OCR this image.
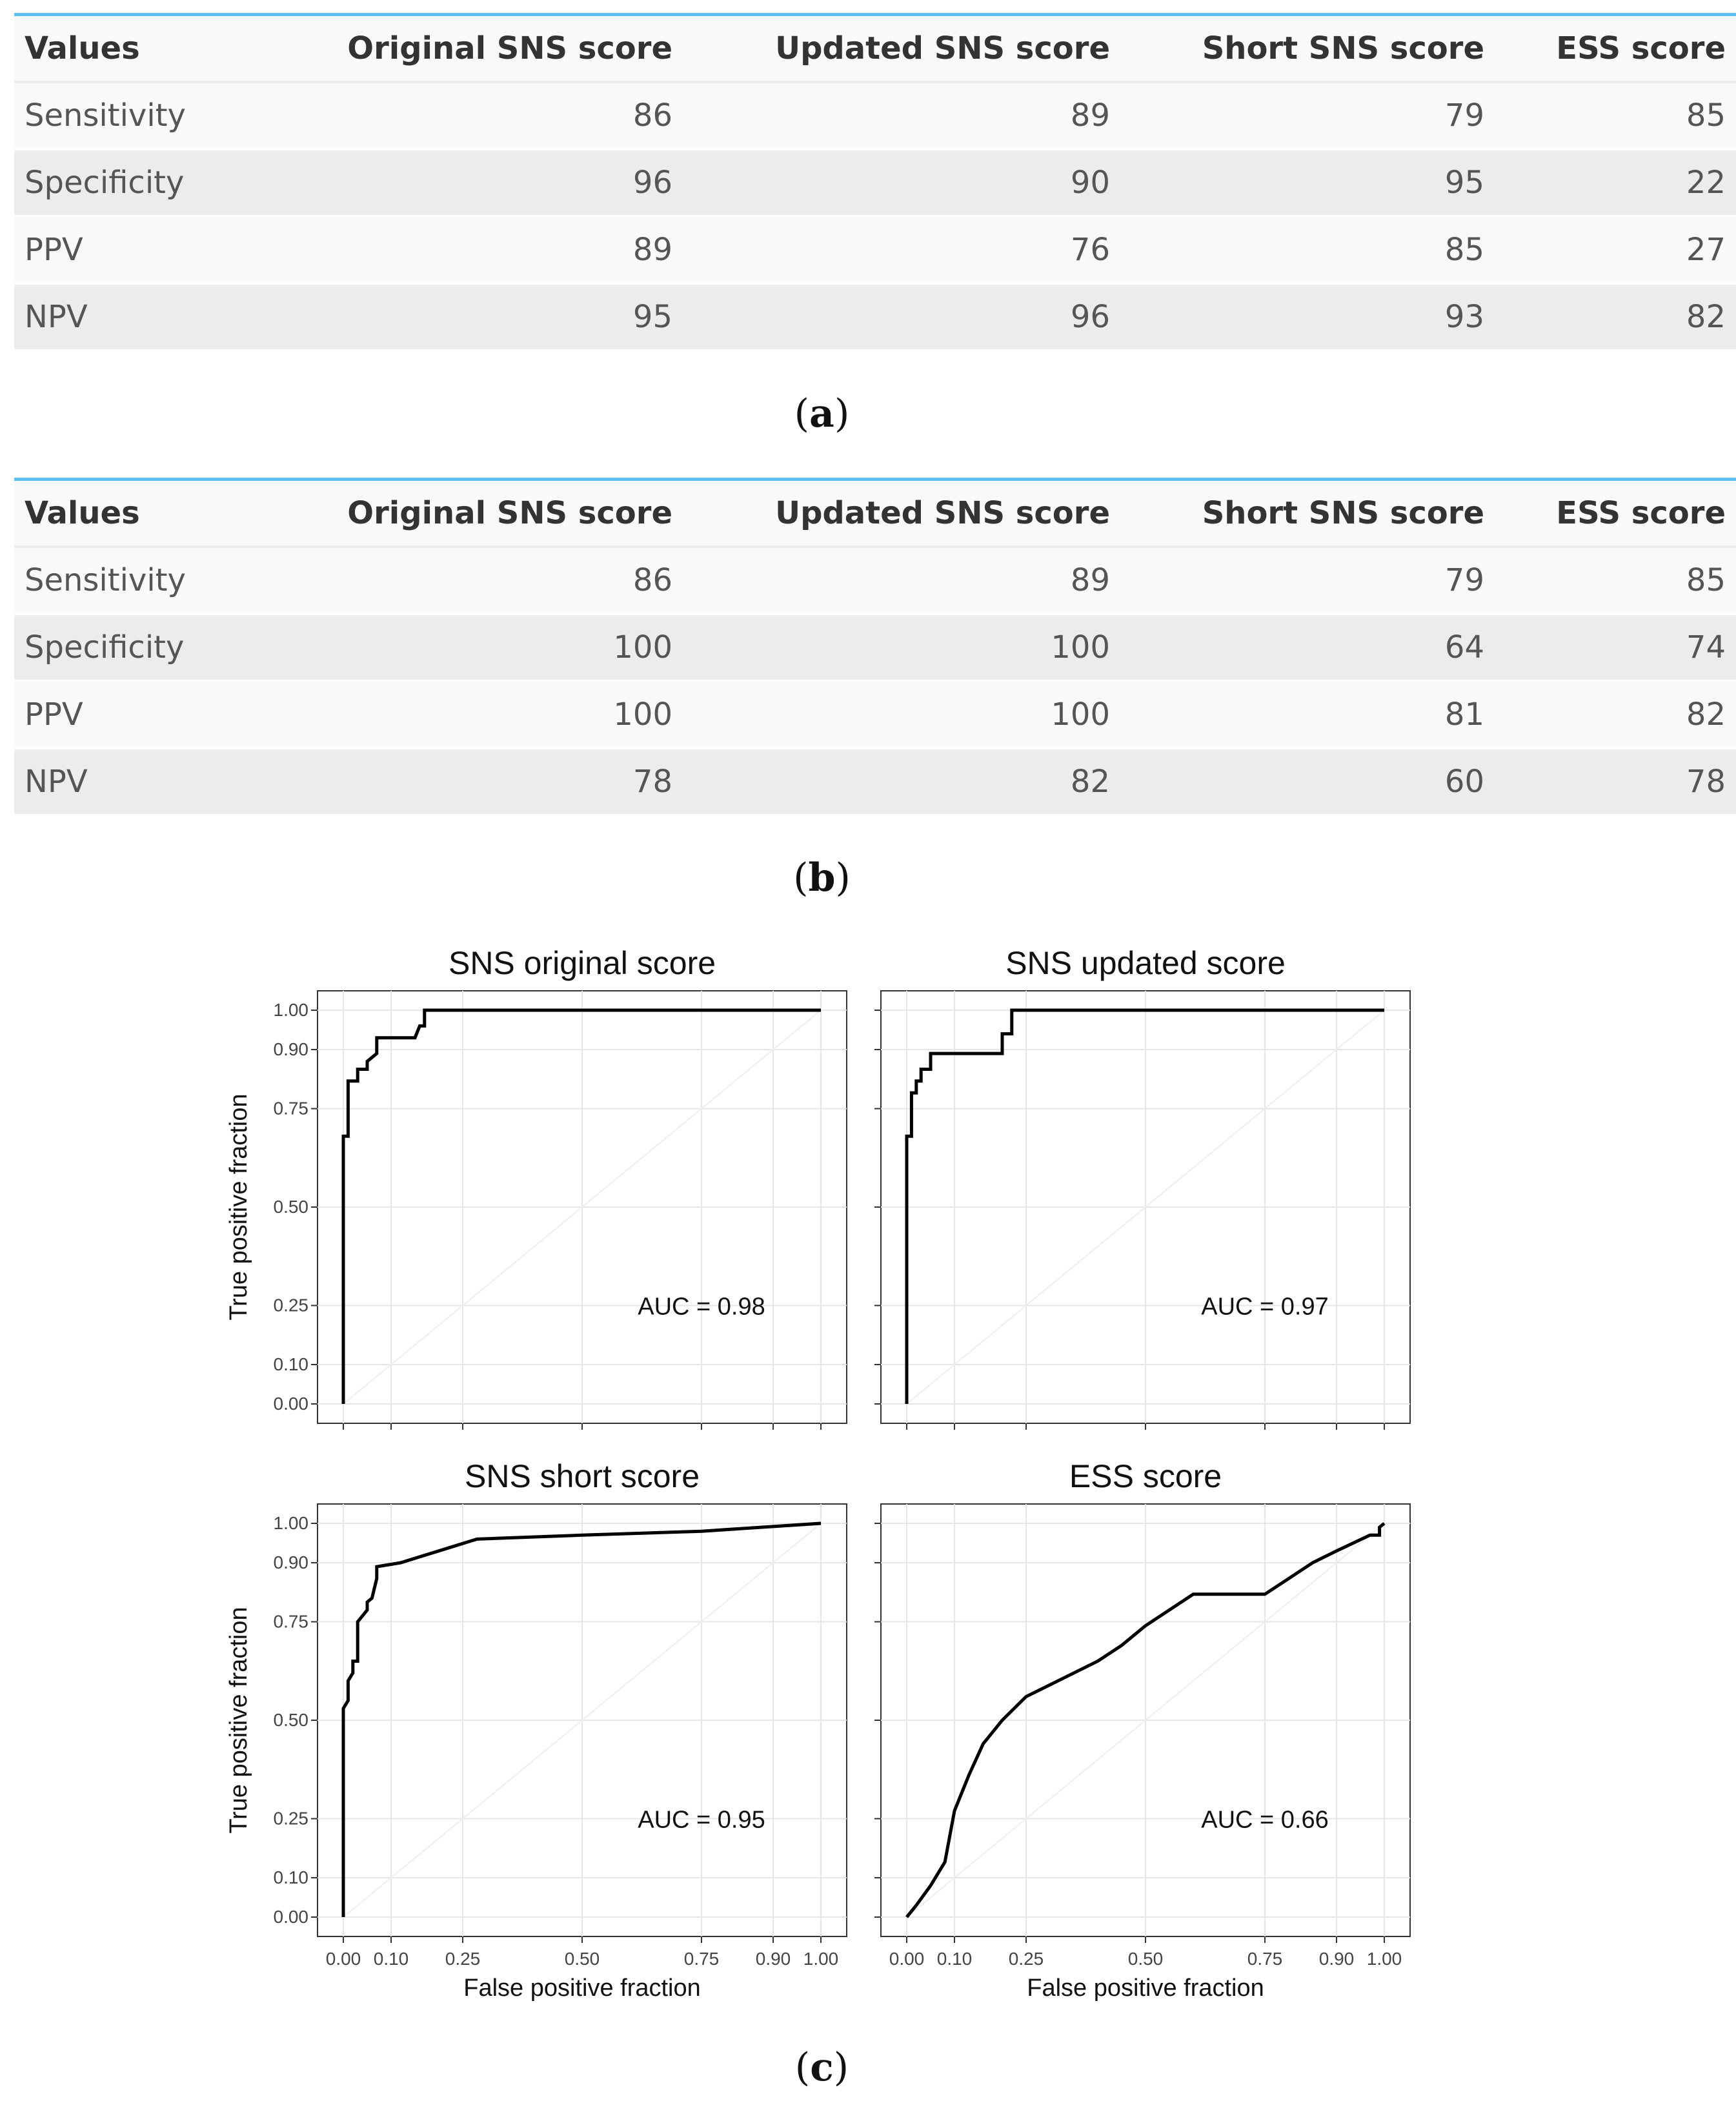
Values	Original SNS score	Updated SNS score	Short SNS score	ESS score
Sensitivity	86	89	79	85
Specificity	96	90	95	22
PPV	89	76	85	27
NPV	95	96	93	82
(a)
Values	Original SNS score	Updated SNS score	Short SNS score	ESS score
Sensitivity	86	89	79	85
Specificity	100	100	64	74
PPV	100	100	81	82
NPV	78	82	60	78
(b)
0.00
0.10
0.25
0.50
0.75
0.90
1.00
SNS original score
True positive fraction	AUC = 0.98
SNS updated score
AUC = 0.97
0.00
0.10
0.25
0.50
0.75
0.90
1.00
0.00 0.10 0.25	0.50	0.75 0.90 1.00
SNS short score
True positive fraction
False positive fraction
AUC = 0.95
0.00 0.10 0.25	0.50	0.75 0.90 1.00
ESS score
False positive fraction
AUC = 0.66
(c)
